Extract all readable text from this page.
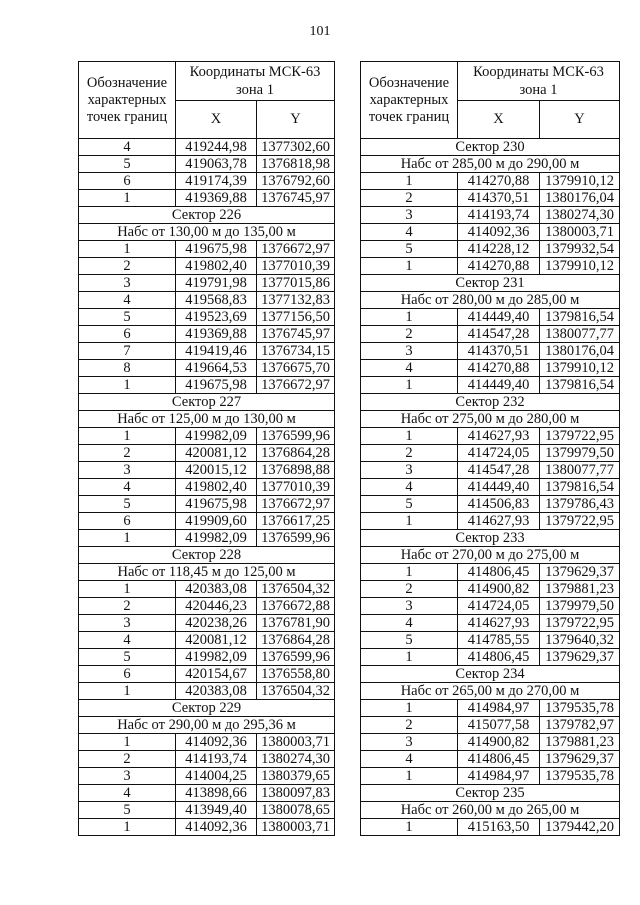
101
Обозначение характерных точек границ	Координаты МСК-63 зона 1	
	X	Y
4	419244,98	1377302,60
5	419063,78	1376818,98
6	419174,39	1376792,60
1	419369,88	1376745,97
Сектор 226		
Набс от 130,00 м до 135,00 м		
1	419675,98	1376672,97
2	419802,40	1377010,39
3	419791,98	1377015,86
4	419568,83	1377132,83
5	419523,69	1377156,50
6	419369,88	1376745,97
7	419419,46	1376734,15
8	419664,53	1376675,70
1	419675,98	1376672,97
Сектор 227		
Набс от 125,00 м до 130,00 м		
1	419982,09	1376599,96
2	420081,12	1376864,28
3	420015,12	1376898,88
4	419802,40	1377010,39
5	419675,98	1376672,97
6	419909,60	1376617,25
1	419982,09	1376599,96
Сектор 228		
Набс от 118,45 м до 125,00 м		
1	420383,08	1376504,32
2	420446,23	1376672,88
3	420238,26	1376781,90
4	420081,12	1376864,28
5	419982,09	1376599,96
6	420154,67	1376558,80
1	420383,08	1376504,32
Сектор 229		
Набс от 290,00 м до 295,36 м		
1	414092,36	1380003,71
2	414193,74	1380274,30
3	414004,25	1380379,65
4	413898,66	1380097,83
5	413949,40	1380078,65
1	414092,36	1380003,71
Обозначение характерных точек границ	Координаты МСК-63 зона 1	
	X	Y
Сектор 230		
Набс от 285,00 м до 290,00 м		
1	414270,88	1379910,12
2	414370,51	1380176,04
3	414193,74	1380274,30
4	414092,36	1380003,71
5	414228,12	1379932,54
1	414270,88	1379910,12
Сектор 231		
Набс от 280,00 м до 285,00 м		
1	414449,40	1379816,54
2	414547,28	1380077,77
3	414370,51	1380176,04
4	414270,88	1379910,12
1	414449,40	1379816,54
Сектор 232		
Набс от 275,00 м до 280,00 м		
1	414627,93	1379722,95
2	414724,05	1379979,50
3	414547,28	1380077,77
4	414449,40	1379816,54
5	414506,83	1379786,43
1	414627,93	1379722,95
Сектор 233		
Набс от 270,00 м до 275,00 м		
1	414806,45	1379629,37
2	414900,82	1379881,23
3	414724,05	1379979,50
4	414627,93	1379722,95
5	414785,55	1379640,32
1	414806,45	1379629,37
Сектор 234		
Набс от 265,00 м до 270,00 м		
1	414984,97	1379535,78
2	415077,58	1379782,97
3	414900,82	1379881,23
4	414806,45	1379629,37
1	414984,97	1379535,78
Сектор 235		
Набс от 260,00 м до 265,00 м		
1	415163,50	1379442,20
